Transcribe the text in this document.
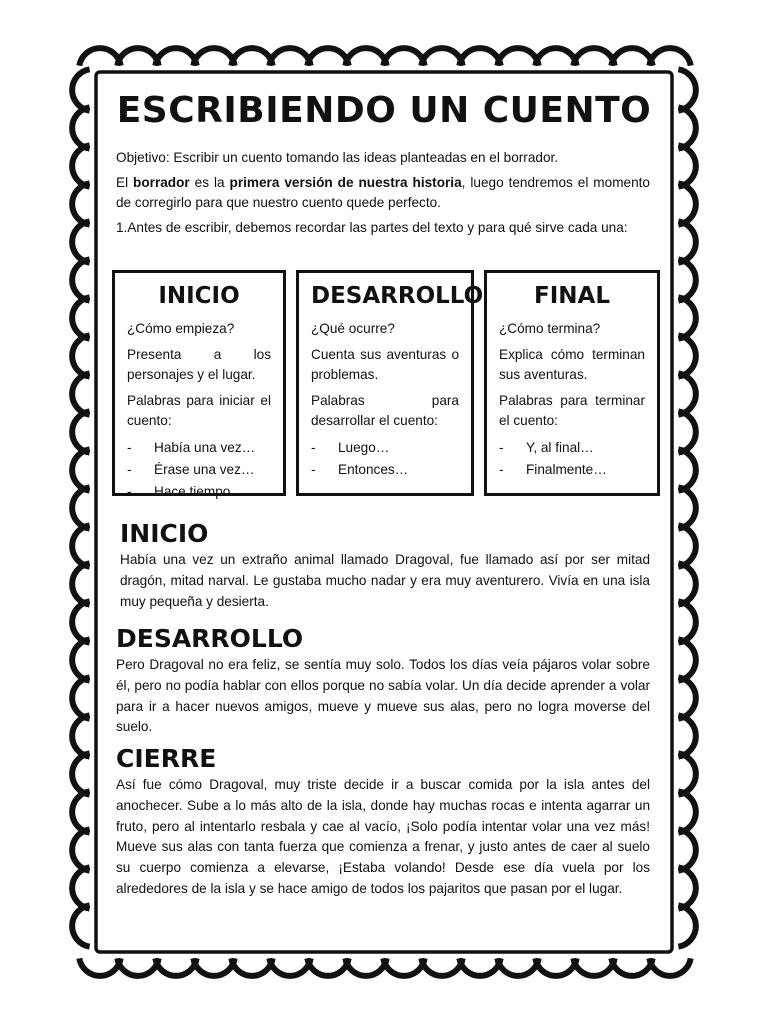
ESCRIBIENDO UN CUENTO

Objetivo: Escribir un cuento tomando las ideas planteadas en el borrador.

El borrador es la primera versión de nuestra historia, luego tendremos el momento de corregirlo para que nuestro cuento quede perfecto.

1.Antes de escribir, debemos recordar las partes del texto y para qué sirve cada una:

INICIO

¿Cómo empieza?

Presenta a los personajes y el lugar.

Palabras para iniciar el cuento:

- Había una vez…
- Érase una vez…
- Hace tiempo…
DESARROLLO

¿Qué ocurre?

Cuenta sus aventuras o problemas.

Palabras para desarrollar el cuento:

- Luego…
- Entonces…
FINAL

¿Cómo termina?

Explica cómo terminan sus aventuras.

Palabras para terminar el cuento:

- Y, al final…
- Finalmente…
INICIO

Había una vez un extraño animal llamado Dragoval, fue llamado así por ser mitad dragón, mitad narval. Le gustaba mucho nadar y era muy aventurero. Vivía en una isla muy pequeña y desierta.

DESARROLLO

Pero Dragoval no era feliz, se sentía muy solo. Todos los días veía pájaros volar sobre él, pero no podía hablar con ellos porque no sabía volar. Un día decide aprender a volar para ir a hacer nuevos amigos, mueve y mueve sus alas, pero no logra moverse del suelo.

CIERRE

Así fue cómo Dragoval, muy triste decide ir a buscar comida por la isla antes del anochecer. Sube a lo más alto de la isla, donde hay muchas rocas e intenta agarrar un fruto, pero al intentarlo resbala y cae al vacío, ¡Solo podía intentar volar una vez más! Mueve sus alas con tanta fuerza que comienza a frenar, y justo antes de caer al suelo su cuerpo comienza a elevarse, ¡Estaba volando! Desde ese día vuela por los alrededores de la isla y se hace amigo de todos los pajaritos que pasan por el lugar.
